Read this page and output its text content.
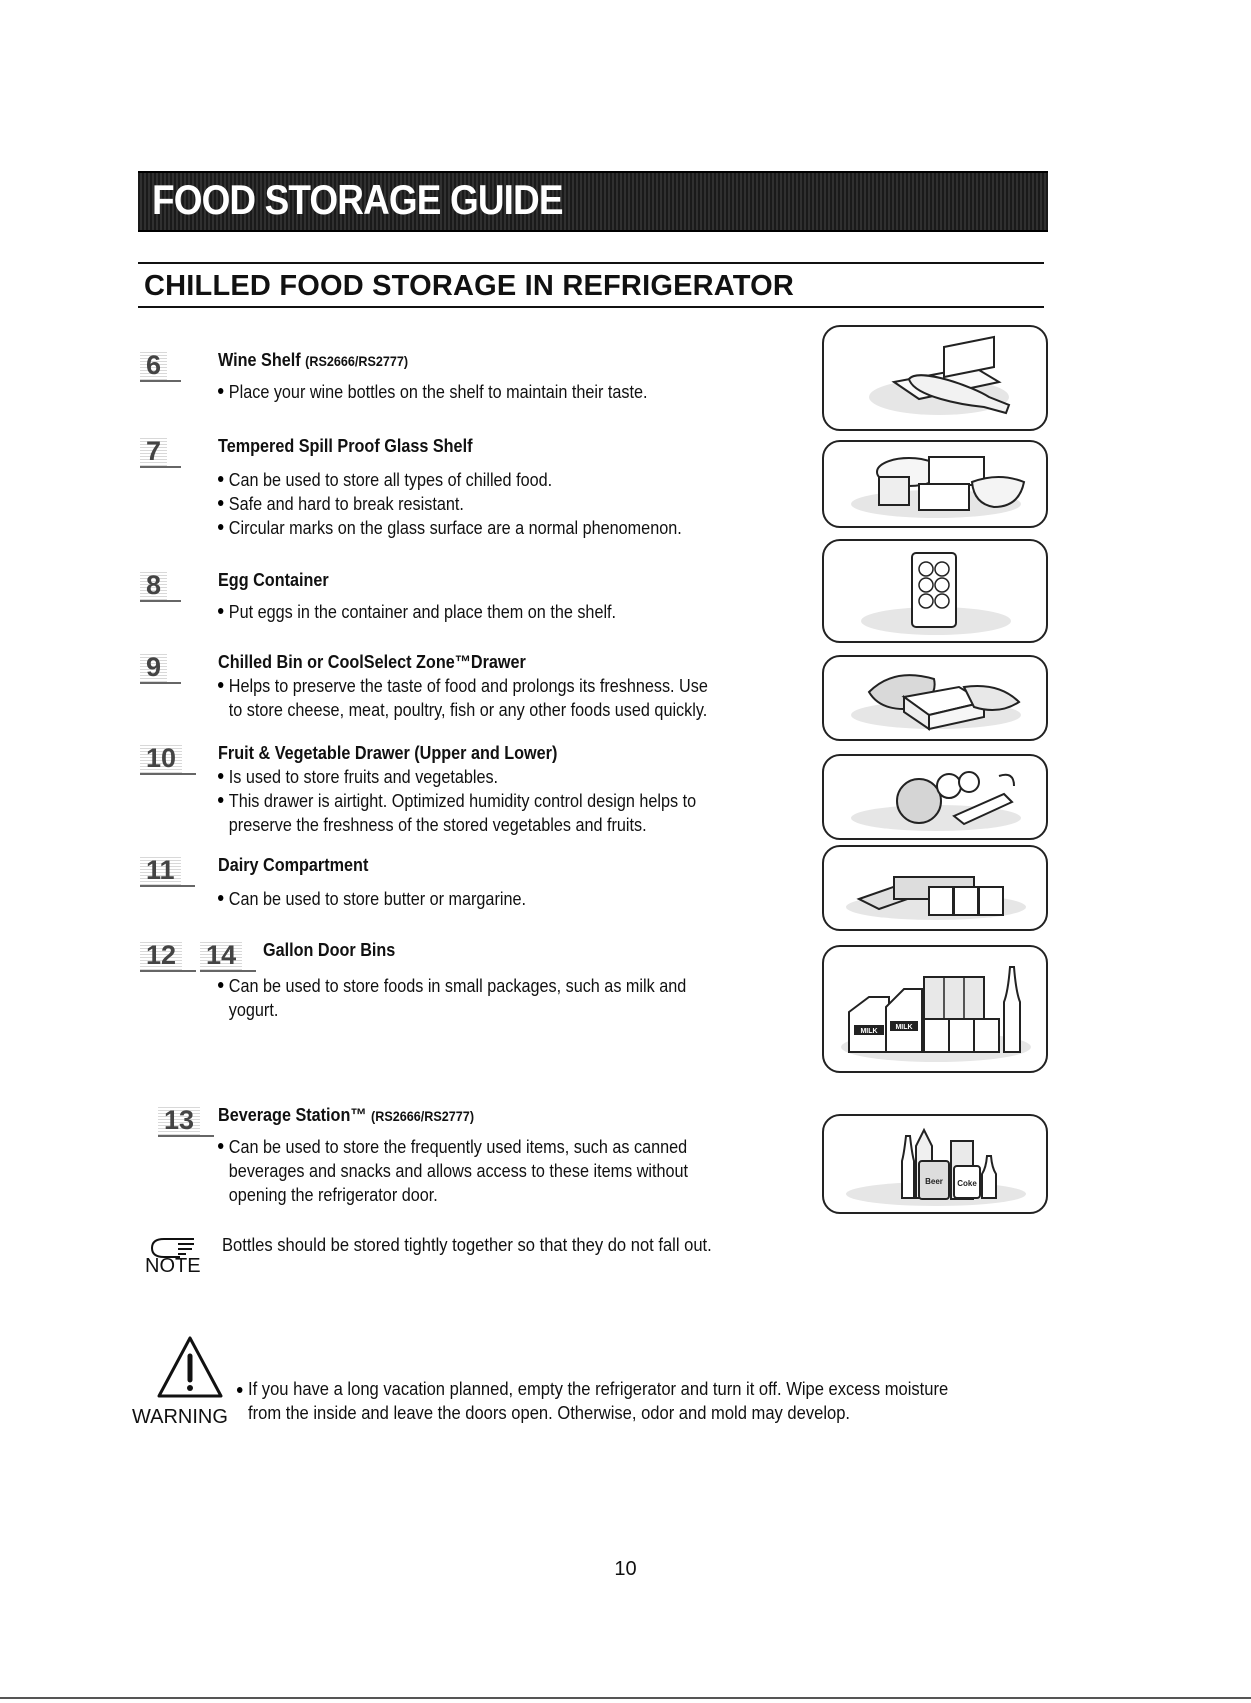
FOOD STORAGE GUIDE
CHILLED FOOD STORAGE IN REFRIGERATOR
6	Wine Shelf (RS2666/RS2777)
Place your wine bottles on the shelf to maintain their taste.
7	Tempered Spill Proof Glass Shelf
Can be used to store all types of chilled food.
Safe and hard to break resistant.
Circular marks on the glass surface are a normal phenomenon.
8	Egg Container
Put eggs in the container and place them on the shelf.
9	Chilled Bin or CoolSelect Zone™Drawer
Helps to preserve the taste of food and prolongs its freshness. Use
to store cheese, meat, poultry, fish or any other foods used quickly.
10	Fruit & Vegetable Drawer (Upper and Lower)
Is used to store fruits and vegetables.
This drawer is airtight. Optimized humidity control design helps to
preserve the freshness of the stored vegetables and fruits.
11	Dairy Compartment
Can be used to store butter or margarine.
12 14	Gallon Door Bins
Can be used to store foods in small packages, such as milk and
yogurt.
13	Beverage Station™ (RS2666/RS2777)
Can be used to store the frequently used items, such as canned
beverages and snacks and allows access to these items without
opening the refrigerator door.
MILK
MILK
Beer Coke
NOTE
Bottles should be stored tightly together so that they do not fall out.
WARNING
If you have a long vacation planned, empty the refrigerator and turn it off. Wipe excess moisture
from the inside and leave the doors open. Otherwise, odor and mold may develop.
10
